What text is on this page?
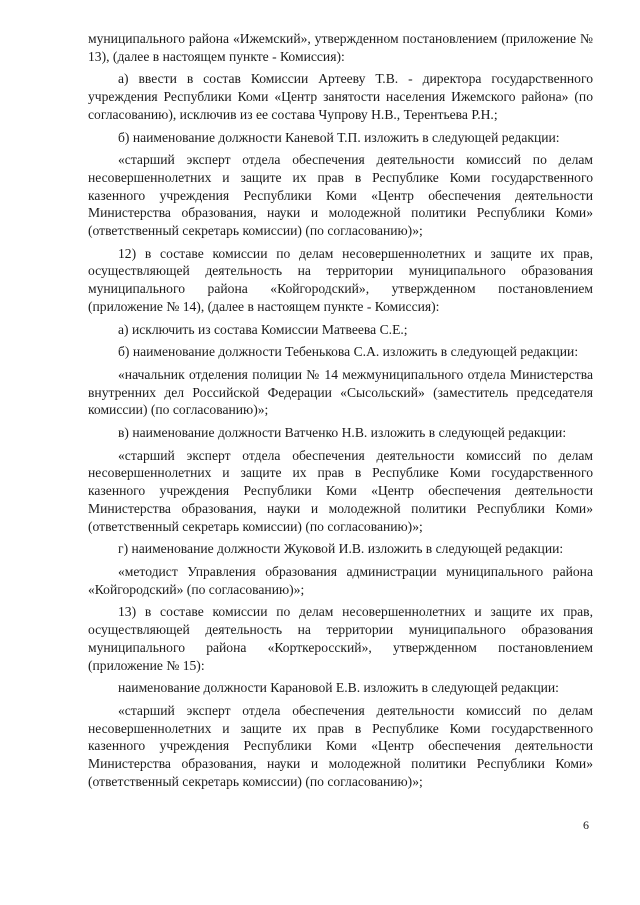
муниципального района «Ижемский», утвержденном постановлением (приложение № 13), (далее в настоящем пункте - Комиссия):

а) ввести в состав Комиссии Артееву Т.В. - директора государственного учреждения Республики Коми «Центр занятости населения Ижемского района» (по согласованию), исключив из ее состава Чупрову Н.В., Терентьева Р.Н.;

б) наименование должности Каневой Т.П. изложить в следующей редакции:

«старший эксперт отдела обеспечения деятельности комиссий по делам несовершеннолетних и защите их прав в Республике Коми государственного казенного учреждения Республики Коми «Центр обеспечения деятельности Министерства образования, науки и молодежной политики Республики Коми» (ответственный секретарь комиссии) (по согласованию)»;

12) в составе комиссии по делам несовершеннолетних и защите их прав, осуществляющей деятельность на территории муниципального образования муниципального района «Койгородский», утвержденном постановлением (приложение № 14), (далее в настоящем пункте - Комиссия):

а) исключить из состава Комиссии Матвеева С.Е.;

б) наименование должности Тебенькова С.А. изложить в следующей редакции:

«начальник отделения полиции № 14 межмуниципального отдела Министерства внутренних дел Российской Федерации «Сысольский» (заместитель председателя комиссии) (по согласованию)»;

в) наименование должности Ватченко Н.В. изложить в следующей редакции:

«старший эксперт отдела обеспечения деятельности комиссий по делам несовершеннолетних и защите их прав в Республике Коми государственного казенного учреждения Республики Коми «Центр обеспечения деятельности Министерства образования, науки и молодежной политики Республики Коми» (ответственный секретарь комиссии) (по согласованию)»;

г) наименование должности Жуковой И.В. изложить в следующей редакции:

«методист Управления образования администрации муниципального района «Койгородский» (по согласованию)»;

13) в составе комиссии по делам несовершеннолетних и защите их прав, осуществляющей деятельность на территории муниципального образования муниципального района «Корткеросский», утвержденном постановлением (приложение № 15):

наименование должности Карановой Е.В. изложить в следующей редакции:

«старший эксперт отдела обеспечения деятельности комиссий по делам несовершеннолетних и защите их прав в Республике Коми государственного казенного учреждения Республики Коми «Центр обеспечения деятельности Министерства образования, науки и молодежной политики Республики Коми» (ответственный секретарь комиссии) (по согласованию)»;

6
